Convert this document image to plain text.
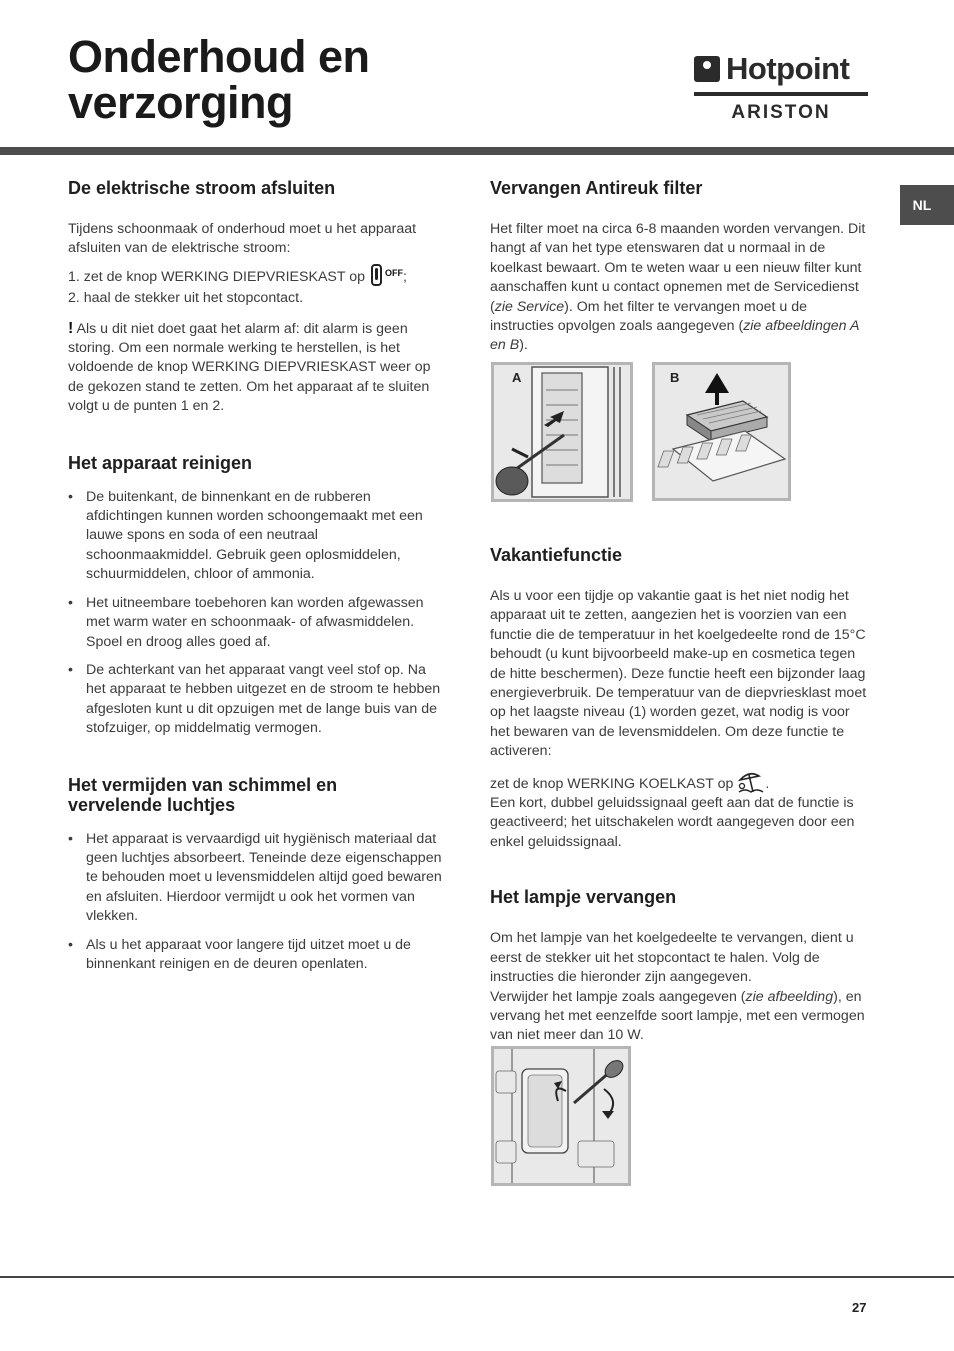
Onderhoud en
verzorging
Hotpoint
ARISTON
NL
De elektrische stroom afsluiten

Tijdens schoonmaak of onderhoud moet u het apparaat afsluiten van de elektrische stroom:

1. zet de knop WERKING DIEPVRIESKAST op $^{OFF}$;

2. haal de stekker uit het stopcontact.

! Als u dit niet doet gaat het alarm af: dit alarm is geen storing. Om een normale werking te herstellen, is het voldoende de knop WERKING DIEPVRIESKAST weer op de gekozen stand te zetten. Om het apparaat af te sluiten volgt u de punten 1 en 2.

Het apparaat reinigen
• De buitenkant, de binnenkant en de rubberen afdichtingen kunnen worden schoongemaakt met een lauwe spons en soda of een neutraal schoonmaakmiddel. Gebruik geen oplosmiddelen, schuurmiddelen, chloor of ammonia.
• Het uitneembare toebehoren kan worden afgewassen met warm water en schoonmaak- of afwasmiddelen. Spoel en droog alles goed af.
• De achterkant van het apparaat vangt veel stof op. Na het apparaat te hebben uitgezet en de stroom te hebben afgesloten kunt u dit opzuigen met de lange buis van de stofzuiger, op middelmatig vermogen.
Het vermijden van schimmel en
vervelende luchtjes
• Het apparaat is vervaardigd uit hygiënisch materiaal dat geen luchtjes absorbeert. Teneinde deze eigenschappen te behouden moet u levensmiddelen altijd goed bewaren en afsluiten. Hierdoor vermijdt u ook het vormen van vlekken.
• Als u het apparaat voor langere tijd uitzet moet u de binnenkant reinigen en de deuren openlaten.
Vervangen Antireuk filter

Het filter moet na circa 6-8 maanden worden vervangen. Dit hangt af van het type etenswaren dat u normaal in de koelkast bewaart. Om te weten waar u een nieuw filter kunt aanschaffen kunt u contact opnemen met de Servicedienst (zie Service). Om het filter te vervangen moet u de instructies opvolgen zoals aangegeven (zie afbeeldingen A en B).

A	B
Vakantiefunctie

Als u voor een tijdje op vakantie gaat is het niet nodig het apparaat uit te zetten, aangezien het is voorzien van een functie die de temperatuur in het koelgedeelte rond de 15°C behoudt (u kunt bijvoorbeeld make-up en cosmetica tegen de hitte beschermen). Deze functie heeft een bijzonder laag energieverbruik. De temperatuur van de diepvriesklast moet op het laagste niveau (1) worden gezet, wat nodig is voor het bewaren van de levensmiddelen. Om deze functie te activeren:

zet de knop WERKING KOELKAST op .

Een kort, dubbel geluidssignaal geeft aan dat de functie is geactiveerd; het uitschakelen wordt aangegeven door een enkel geluidssignaal.

Het lampje vervangen

Om het lampje van het koelgedeelte te vervangen, dient u eerst de stekker uit het stopcontact te halen. Volg de instructies die hieronder zijn aangegeven.

Verwijder het lampje zoals aangegeven (zie afbeelding), en vervang het met eenzelfde soort lampje, met een vermogen van niet meer dan 10 W.

27
